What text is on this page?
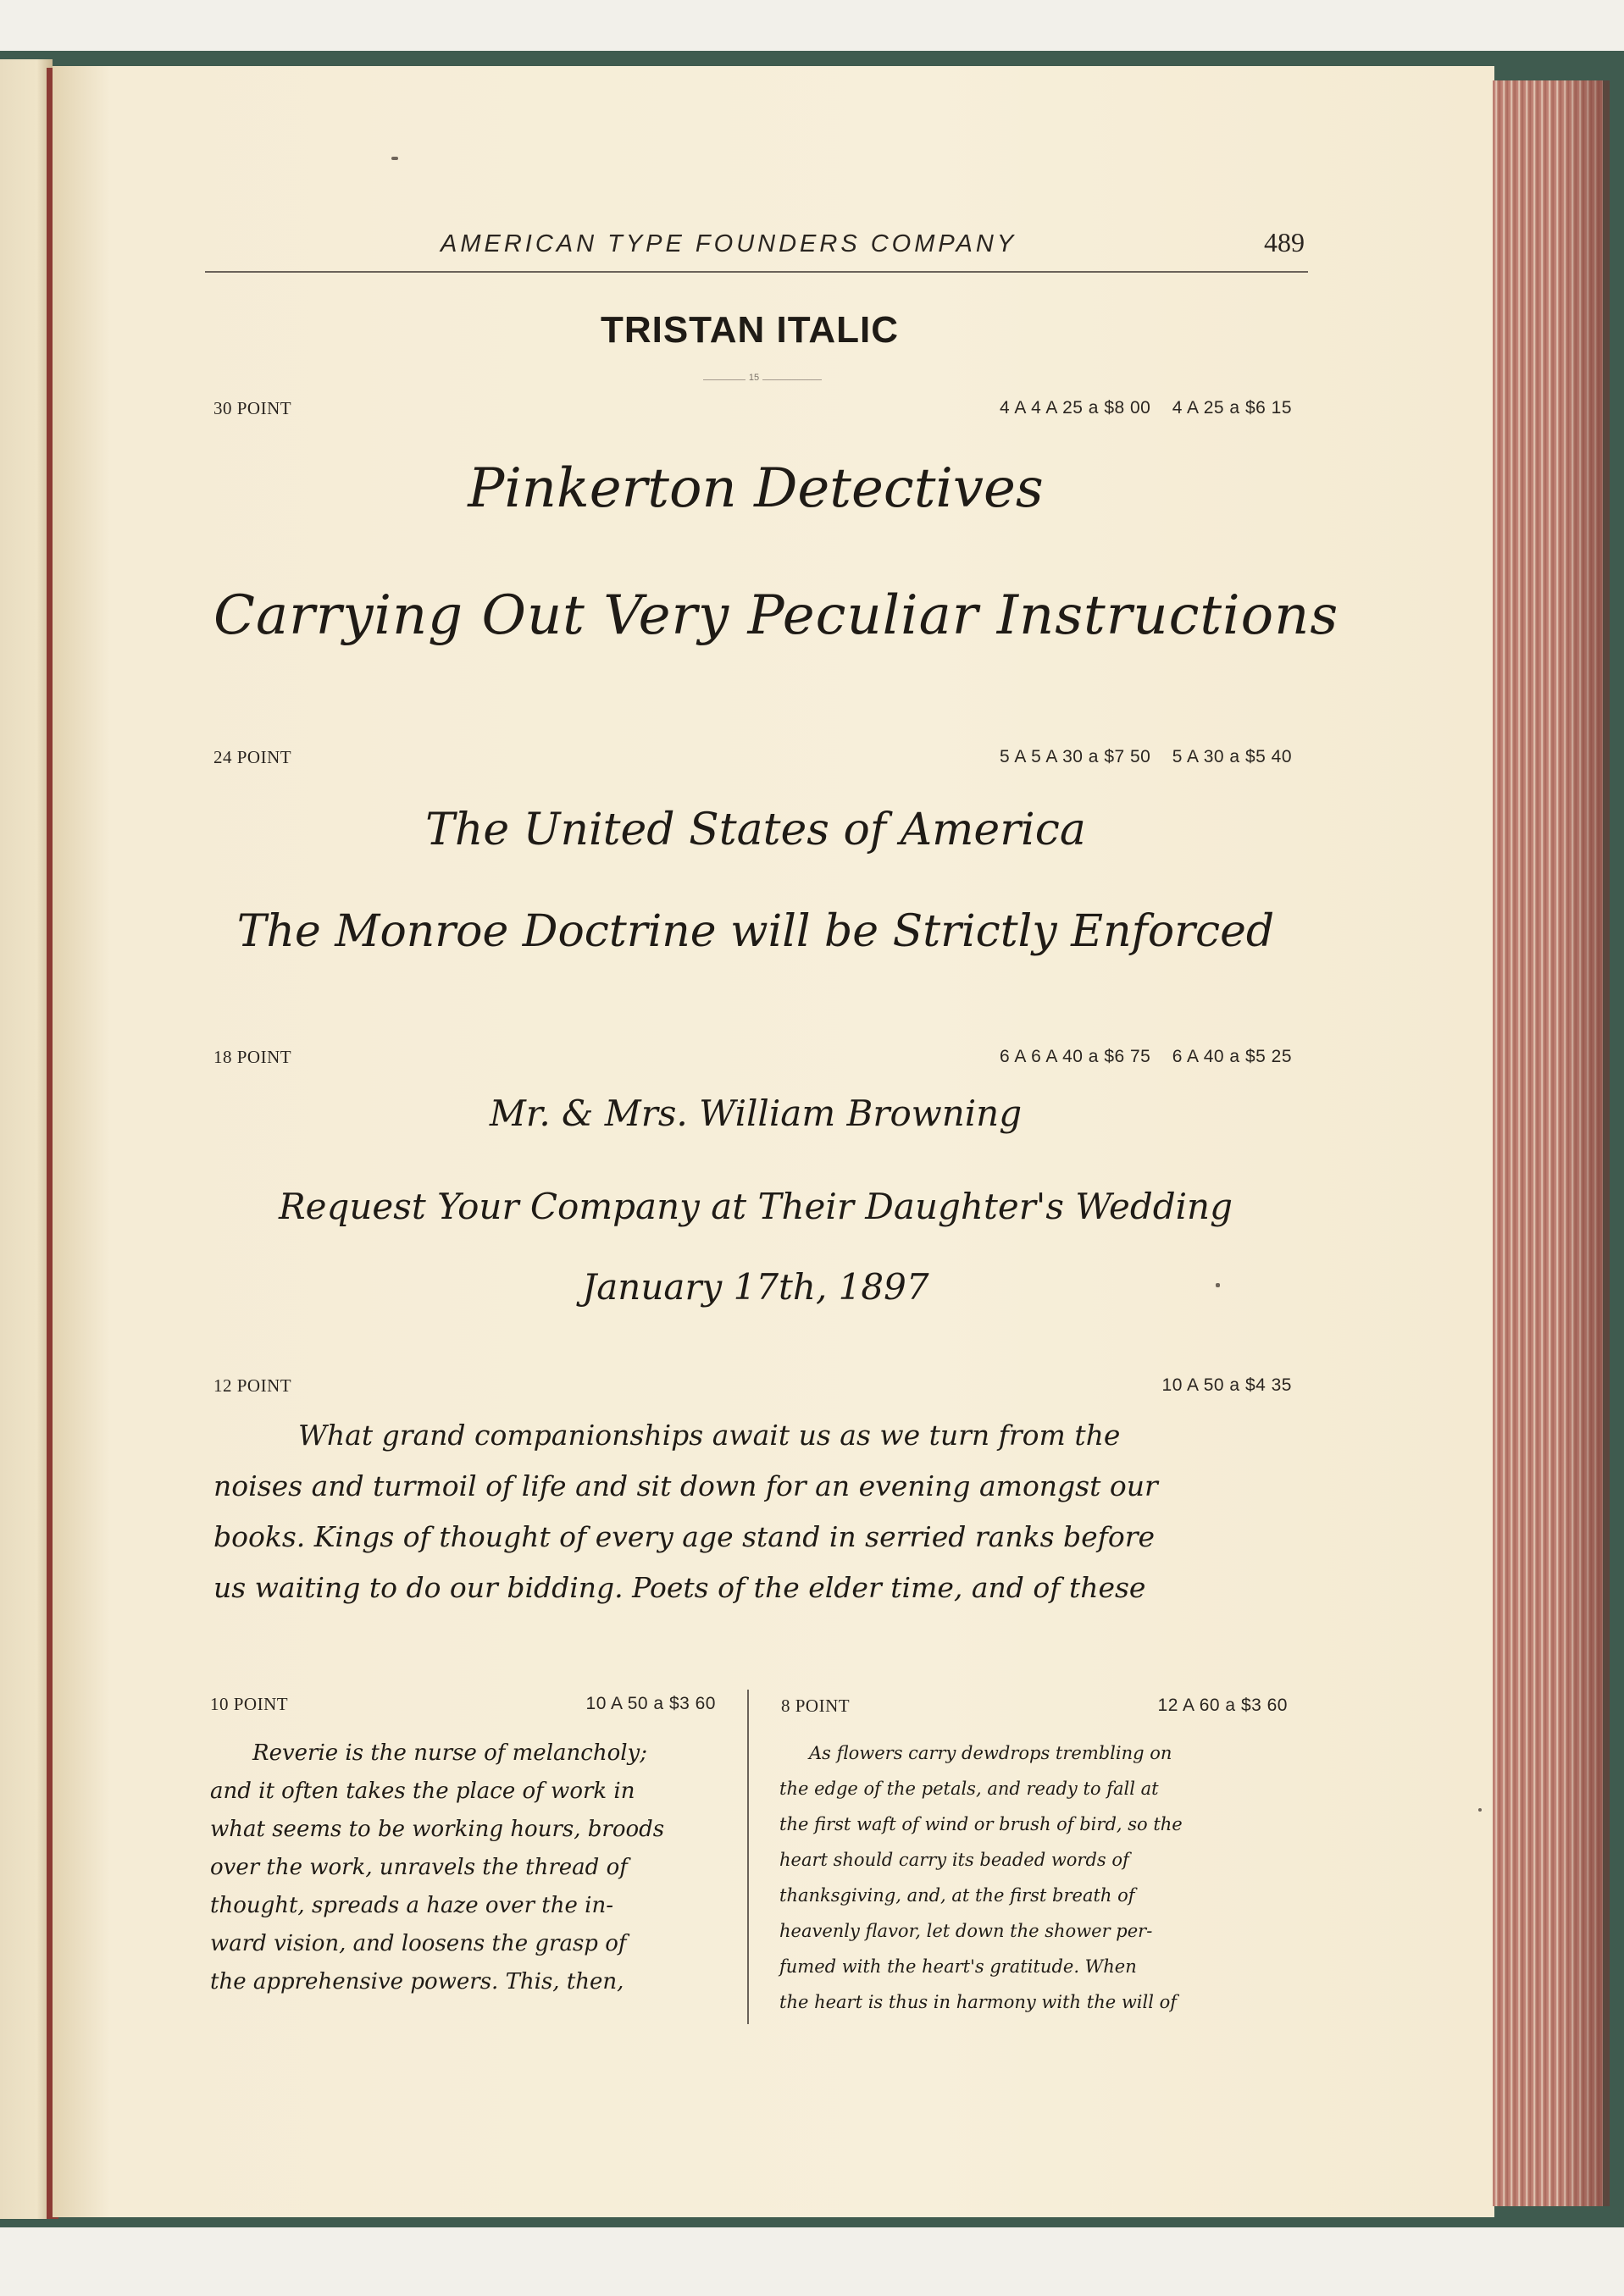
AMERICAN TYPE FOUNDERS COMPANY	489
TRISTAN ITALIC
15
30 POINT	4 A 4 A 25 a $8 00    4 A 25 a $6 15
Pinkerton Detectives
Carrying Out Very Peculiar Instructions
24 POINT	5 A 5 A 30 a $7 50    5 A 30 a $5 40
The United States of America
The Monroe Doctrine will be Strictly Enforced
18 POINT	6 A 6 A 40 a $6 75    6 A 40 a $5 25
Mr. & Mrs. William Browning
Request Your Company at Their Daughter's Wedding
January 17th, 1897
12 POINT	10 A 50 a $4 35
What grand companionships await us as we turn from the
noises and turmoil of life and sit down for an evening amongst our
books. Kings of thought of every age stand in serried ranks before
us waiting to do our bidding. Poets of the elder time, and of these
10 POINT	10 A 50 a $3 60
Reverie is the nurse of melancholy;
and it often takes the place of work in
what seems to be working hours, broods
over the work, unravels the thread of
thought, spreads a haze over the in-
ward vision, and loosens the grasp of
the apprehensive powers. This, then,
8 POINT	12 A 60 a $3 60
As flowers carry dewdrops trembling on
the edge of the petals, and ready to fall at
the first waft of wind or brush of bird, so the
heart should carry its beaded words of
thanksgiving, and, at the first breath of
heavenly flavor, let down the shower per-
fumed with the heart's gratitude. When
the heart is thus in harmony with the will of
